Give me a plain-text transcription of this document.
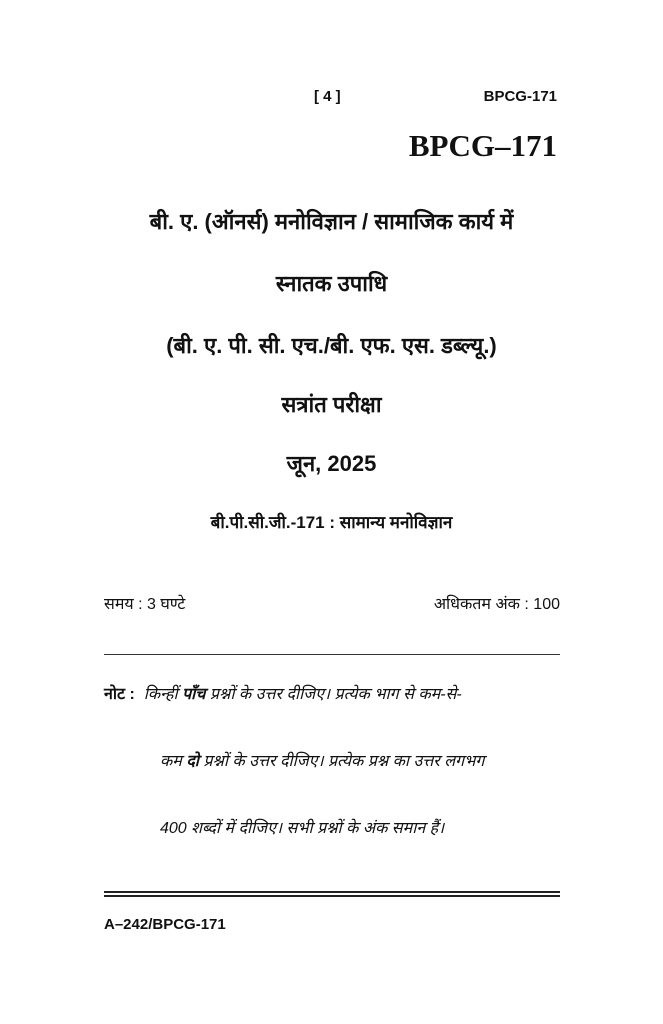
[ 4 ]	BPCG-171
BPCG–171
बी. ए. (ऑनर्स) मनोविज्ञान / सामाजिक कार्य में
स्नातक उपाधि
(बी. ए. पी. सी. एच./बी. एफ. एस. डब्ल्यू.)
सत्रांत परीक्षा
जून, 2025
बी.पी.सी.जी.-171 : सामान्य मनोविज्ञान
समय : 3 घण्टे	अधिकतम अंक : 100
नोट : किन्हीं पाँच प्रश्नों के उत्तर दीजिए। प्रत्येक भाग से कम-से-
कम दो प्रश्नों के उत्तर दीजिए। प्रत्येक प्रश्न का उत्तर लगभग
400 शब्दों में दीजिए। सभी प्रश्नों के अंक समान हैं।
A–242/BPCG-171
